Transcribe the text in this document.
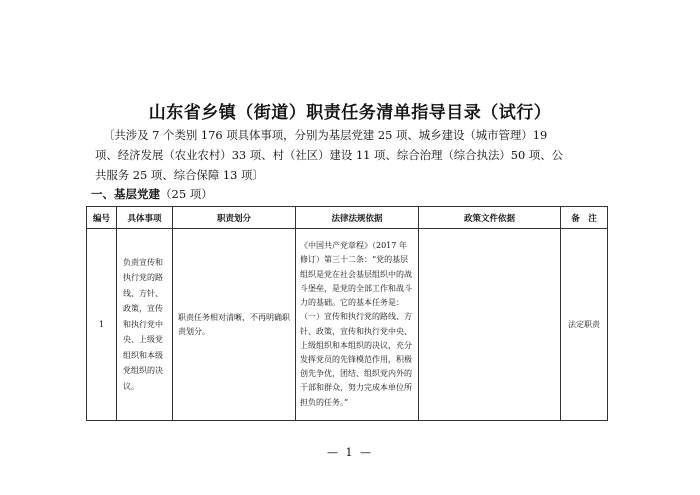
山东省乡镇（街道）职责任务清单指导目录（试行）
〔共涉及 7 个类别 176 项具体事项，分别为基层党建 25 项、城乡建设（城市管理）19
项、经济发展（农业农村）33 项、村（社区）建设 11 项、综合治理（综合执法）50 项、公
共服务 25 项、综合保障 13 项〕
一、基层党建（25 项）
编号	具体事项	职责划分	法律法规依据	政策文件依据	备　注
1	负责宣传和执行党的路线、方针、政策，宣传和执行党中央、上级党组织和本级党组织的决议。	职责任务相对清晰，不再明确职责划分。	《中国共产党章程》（2017 年修订）第三十二条：“党的基层组织是党在社会基层组织中的战斗堡垒，是党的全部工作和战斗力的基础。它的基本任务是：（一）宣传和执行党的路线、方针、政策，宣传和执行党中央、上级组织和本组织的决议，充分发挥党员的先锋模范作用，积极创先争优，团结、组织党内外的干部和群众，努力完成本单位所担负的任务。”		法定职责
— 1 —
